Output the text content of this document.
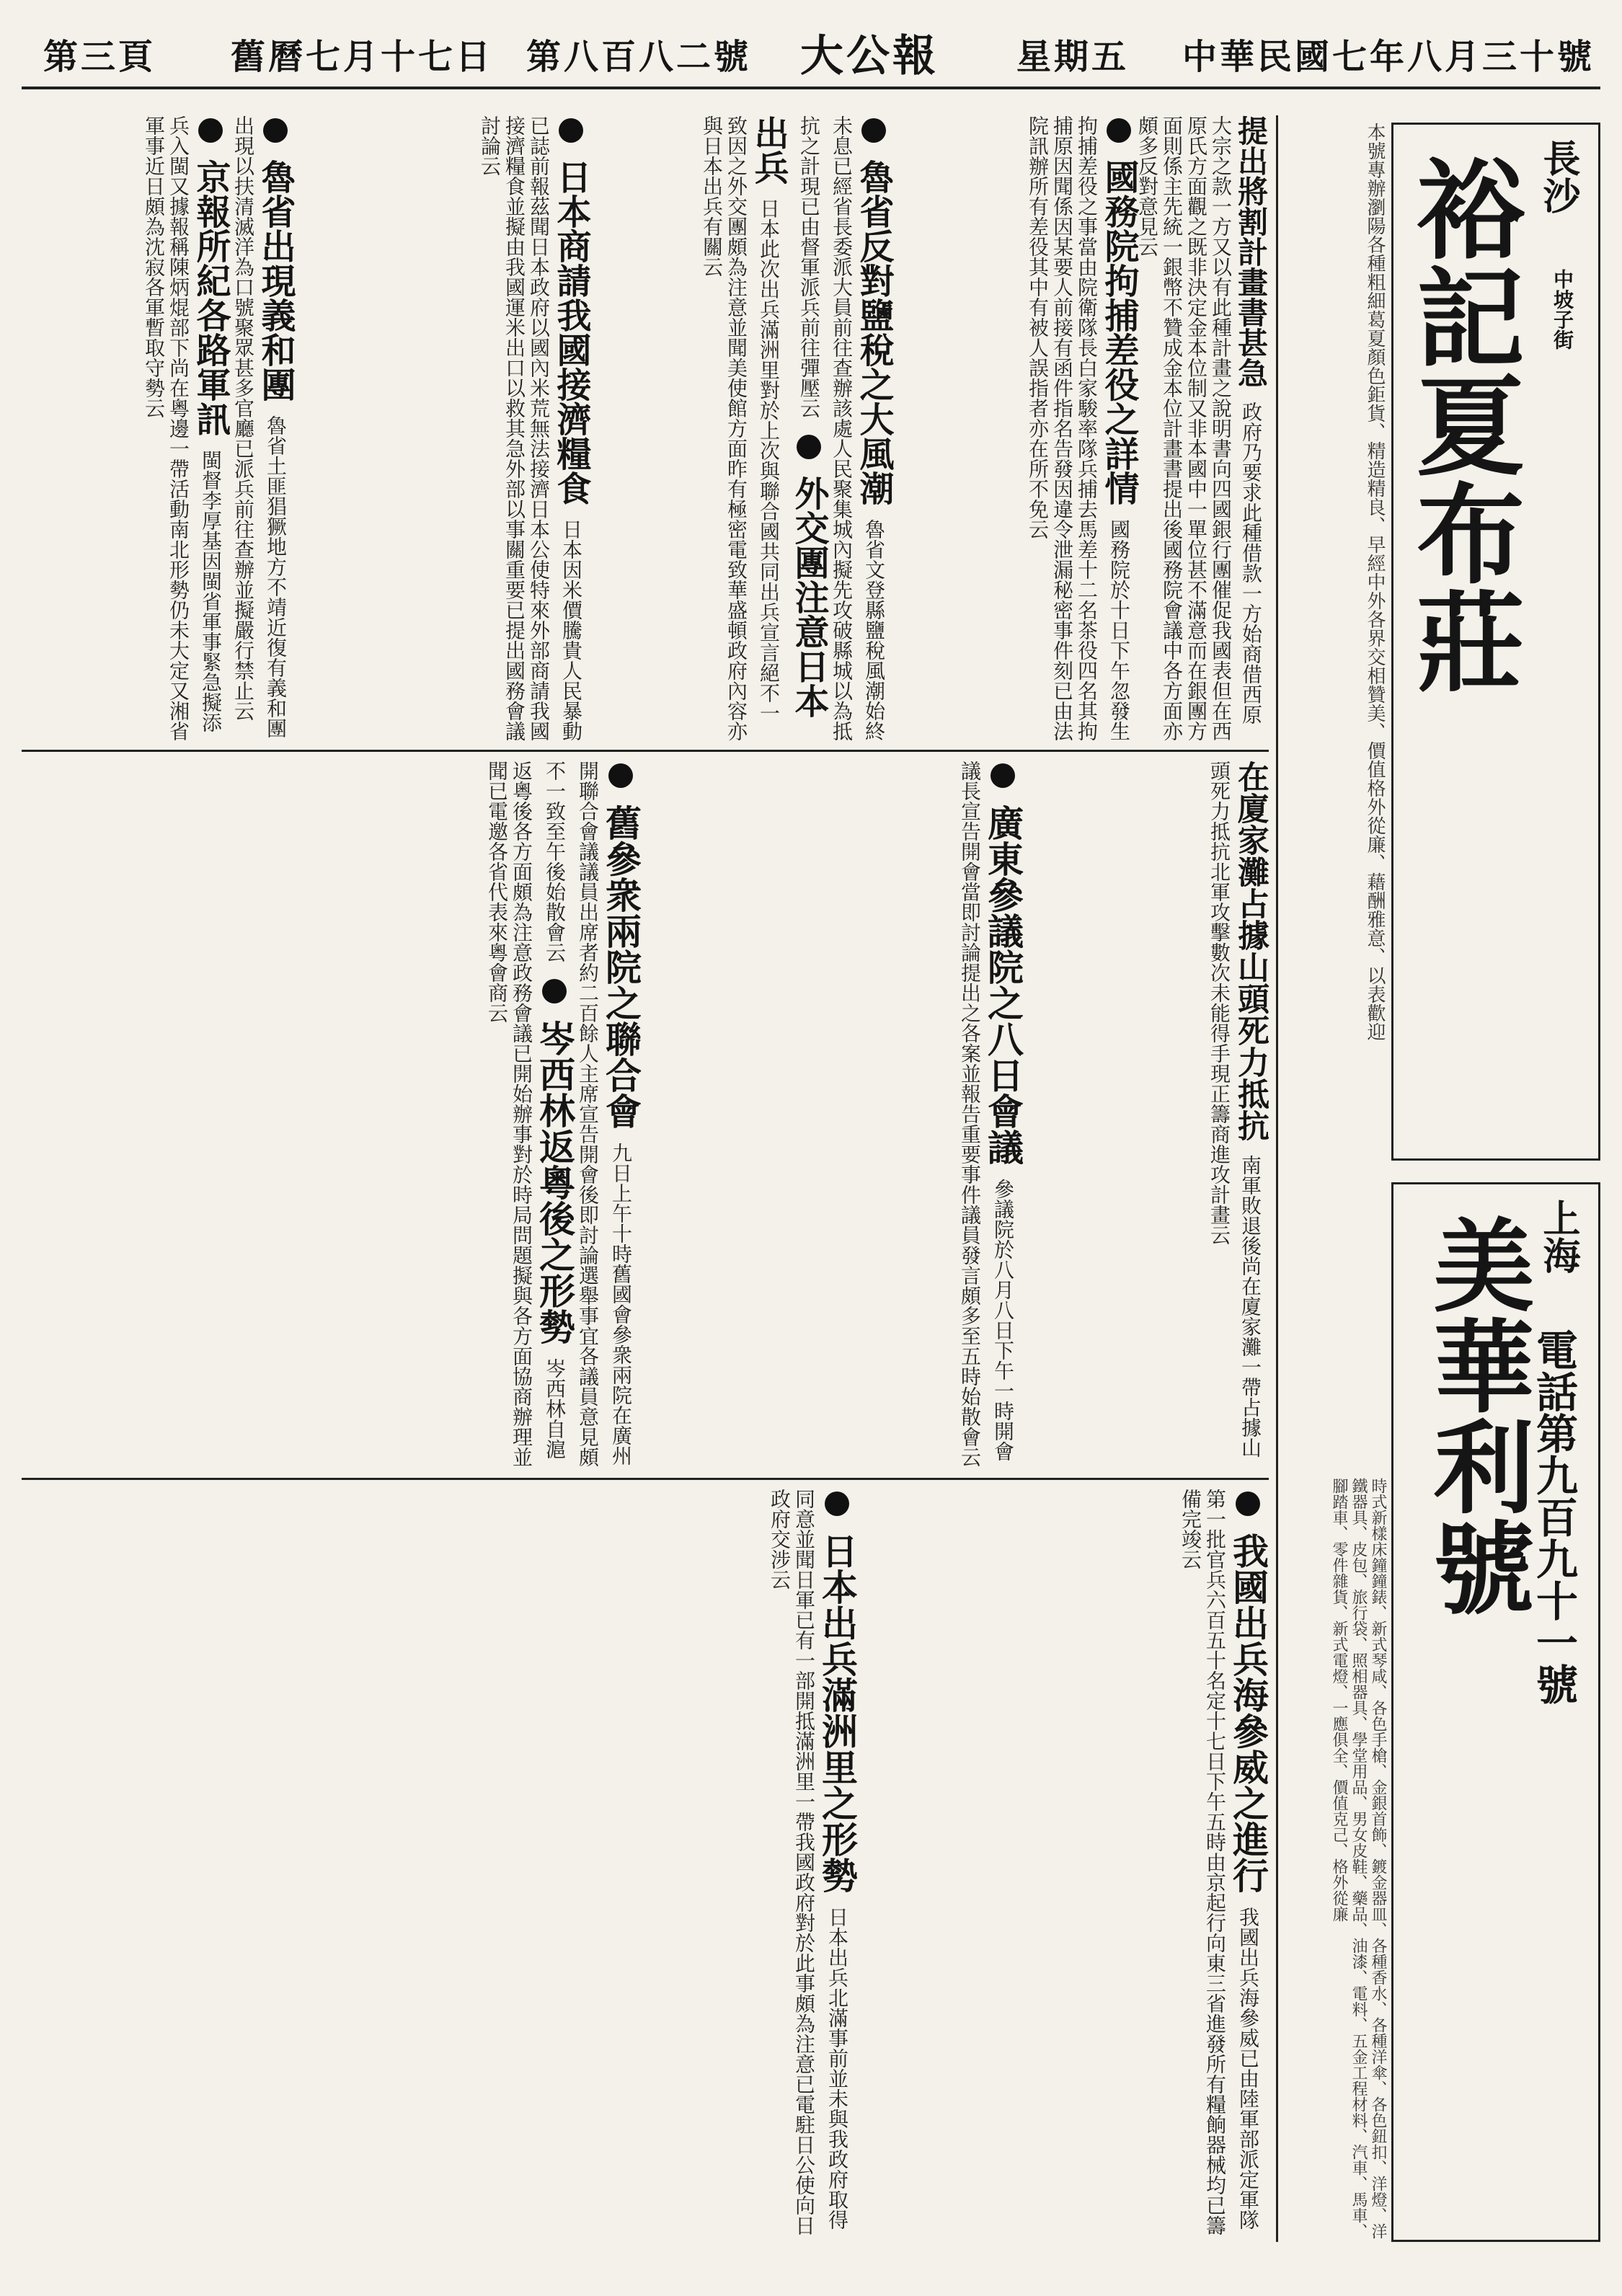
第三頁 舊曆七月十七日 第八百八二號 大公報 星期五 中華民國七年八月三十號
長沙
中坡子街
裕記夏布莊
本號專辦瀏陽各種粗細葛夏顏色鉅貨、精造精良、早經中外各界交相贊美、價值格外從廉、藉酬雅意、以表歡迎
上海
美華利號
電話第九百九十一號
時式新樣床鐘鐘錶、新式琴咸、各色手槍、金銀首飾、鍍金器皿、各種香水、各種洋傘、各色鈕扣、洋燈、洋鐵器具、皮包、旅行袋、照相器具、學堂用品、男女皮鞋、藥品、油漆、電料、五金工程材料、汽車、馬車、腳踏車、零件雜貨、新式電燈、一應俱全、價值克己、格外從廉
提出將割計畫書甚急 政府乃要求此種借款一方始商借西原大宗之款一方又以有此種計畫之說明書向四國銀行團催促我國表但在西原氏方面觀之既非決定金本位制又非本國中一單位甚不滿意而在銀團方面則係主先統一銀幣不贊成金本位計畫書提出後國務院會議中各方面亦頗多反對意見云
國務院拘捕差役之詳情 國務院於十日下午忽發生拘捕差役之事當由院衛隊長白家駿率隊兵捕去馬差十二名茶役四名其拘捕原因聞係因某要人前接有函件指名告發因違令泄漏秘密事件刻已由法院訊辦所有差役其中有被人誤指者亦在所不免云
魯省反對鹽稅之大風潮 魯省文登縣鹽稅風潮始終未息已經省長委派大員前往查辦該處人民聚集城內擬先攻破縣城以為抵抗之計現已由督軍派兵前往彈壓云  外交團注意日本出兵 日本此次出兵滿洲里對於上次與聯合國共同出兵宣言絕不一致因之外交團頗為注意並聞美使館方面昨有極密電致華盛頓政府內容亦與日本出兵有關云
日本商請我國接濟糧食 日本因米價騰貴人民暴動已誌前報茲聞日本政府以國內米荒無法接濟日本公使特來外部商請我國接濟糧食並擬由我國運米出口以救其急外部以事關重要已提出國務會議討論云
魯省出現義和團 魯省土匪猖獗地方不靖近復有義和團出現以扶清滅洋為口號聚眾甚多官廳已派兵前往查辦並擬嚴行禁止云  京報所紀各路軍訊 閩督李厚基因閩省軍事緊急擬添兵入閩又據報稱陳炳焜部下尚在粵邊一帶活動南北形勢仍未大定又湘省軍事近日頗為沈寂各軍暫取守勢云
在廈家灘占據山頭死力抵抗 南軍敗退後尚在廈家灘一帶占據山頭死力抵抗北軍攻擊數次未能得手現正籌商進攻計畫云
廣東參議院之八日會議 參議院於八月八日下午一時開會議長宣告開會當即討論提出之各案並報告重要事件議員發言頗多至五時始散會云
舊參衆兩院之聯合會 九日上午十時舊國會參衆兩院在廣州開聯合會議議員出席者約二百餘人主席宣告開會後即討論選舉事宜各議員意見頗不一致至午後始散會云  岑西林返粵後之形勢 岑西林自滬返粵後各方面頗為注意政務會議已開始辦事對於時局問題擬與各方面協商辦理並聞已電邀各省代表來粵會商云
我國出兵海參威之進行 我國出兵海參威已由陸軍部派定軍隊第一批官兵六百五十名定十七日下午五時由京起行向東三省進發所有糧餉器械均已籌備完竣云
日本出兵滿洲里之形勢 日本出兵北滿事前並未與我政府取得同意並聞日軍已有一部開抵滿洲里一帶我國政府對於此事頗為注意已電駐日公使向日政府交涉云
